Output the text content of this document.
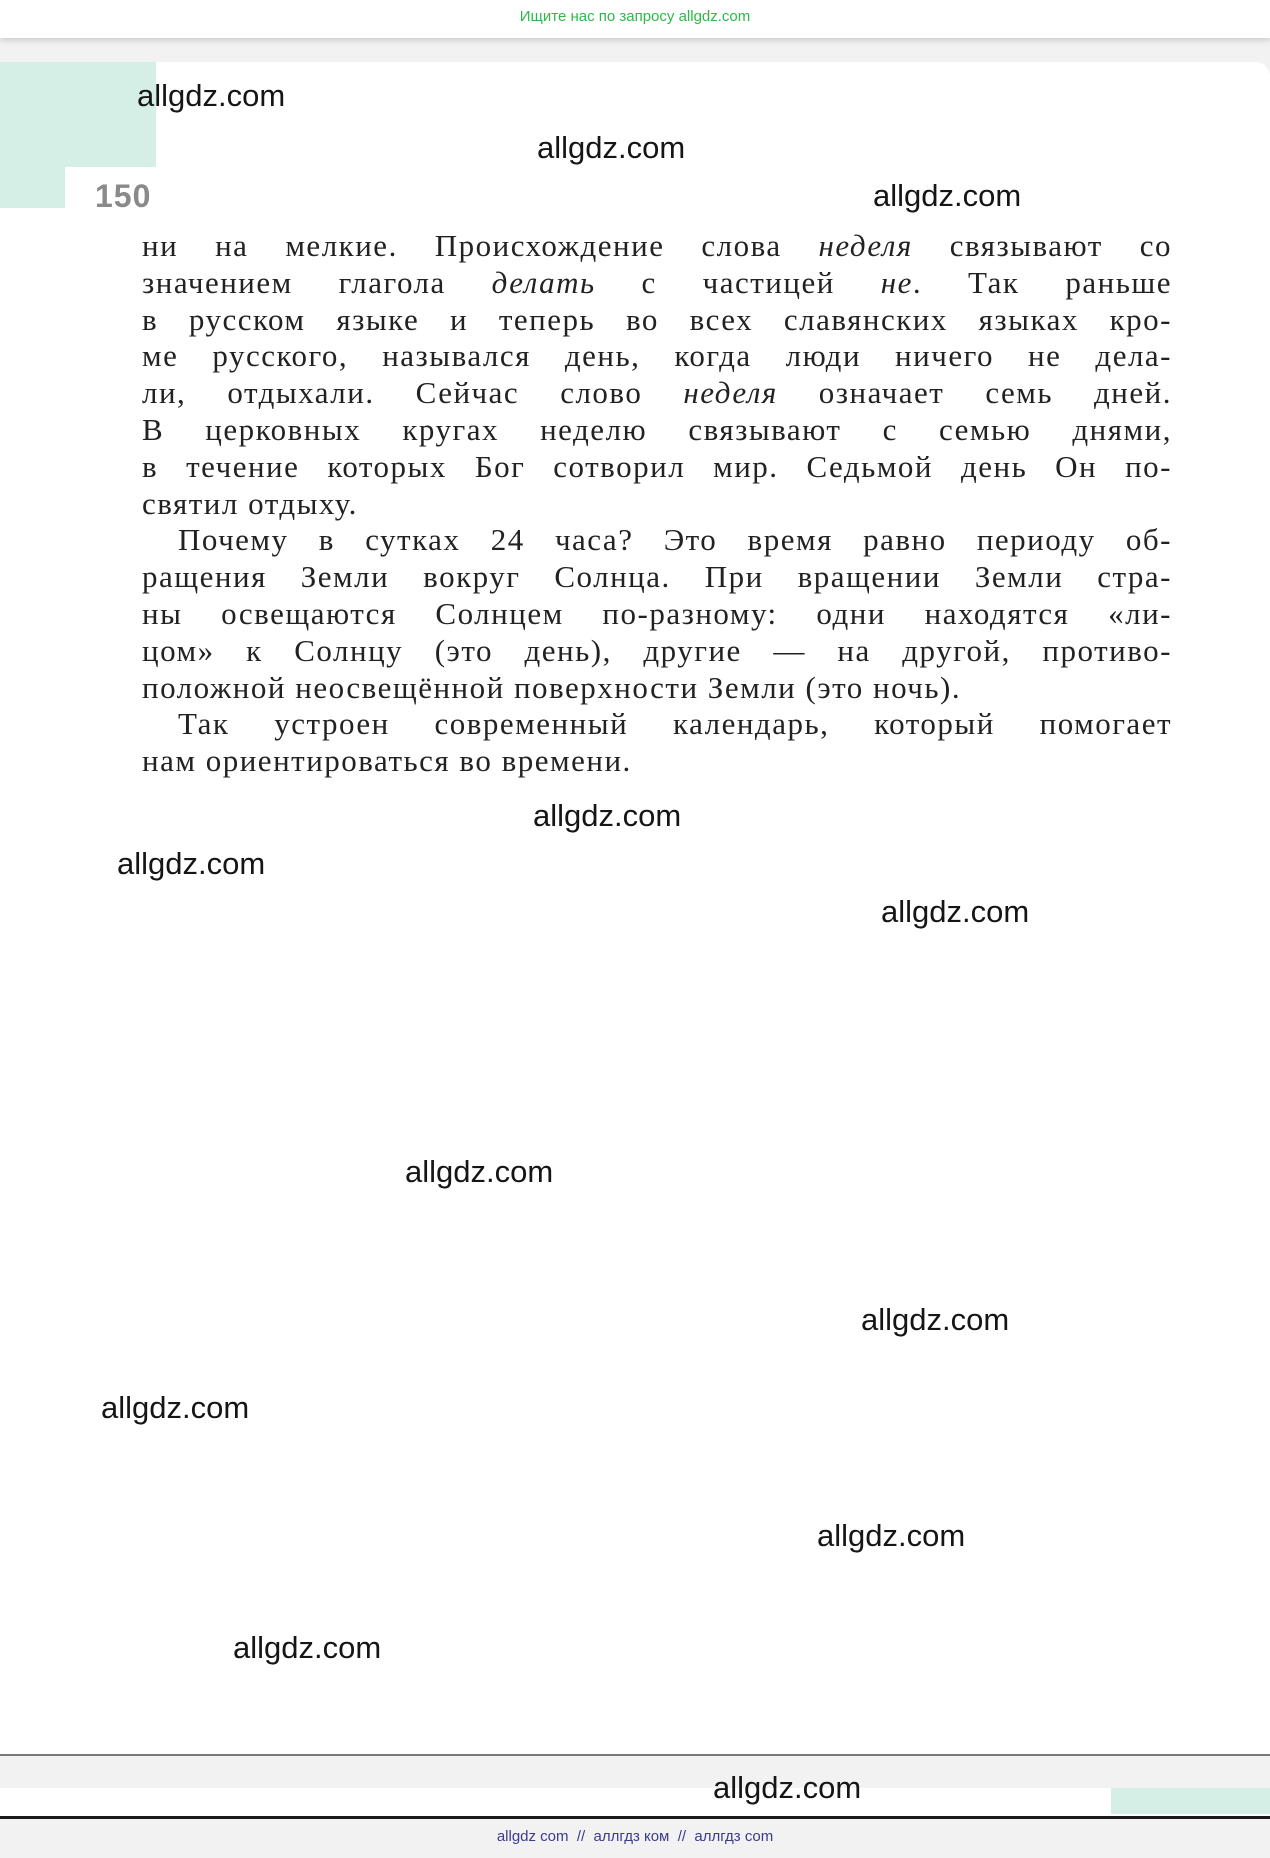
Ищите нас по запросу allgdz.com
150
ни на мелкие. Происхождение слова неделя связывают со
значением глагола делать с частицей не. Так раньше
в русском языке и теперь во всех славянских языках кро-
ме русского, назывался день, когда люди ничего не дела-
ли, отдыхали. Сейчас слово неделя означает семь дней.
В церковных кругах неделю связывают с семью днями,
в течение которых Бог сотворил мир. Седьмой день Он по-
святил отдыху.
Почему в сутках 24 часа? Это время равно периоду об-
ращения Земли вокруг Солнца. При вращении Земли стра-
ны освещаются Солнцем по-разному: одни находятся «ли-
цом» к Солнцу (это день), другие — на другой, противо-
положной неосвещённой поверхности Земли (это ночь).
Так устроен современный календарь, который помогает
нам ориентироваться во времени.
allgdz.com
allgdz.com
allgdz.com
allgdz.com
allgdz.com
allgdz.com
allgdz.com
allgdz.com
allgdz.com
allgdz.com
allgdz.com
allgdz.com
allgdz com // аллгдз ком // аллгдз com
